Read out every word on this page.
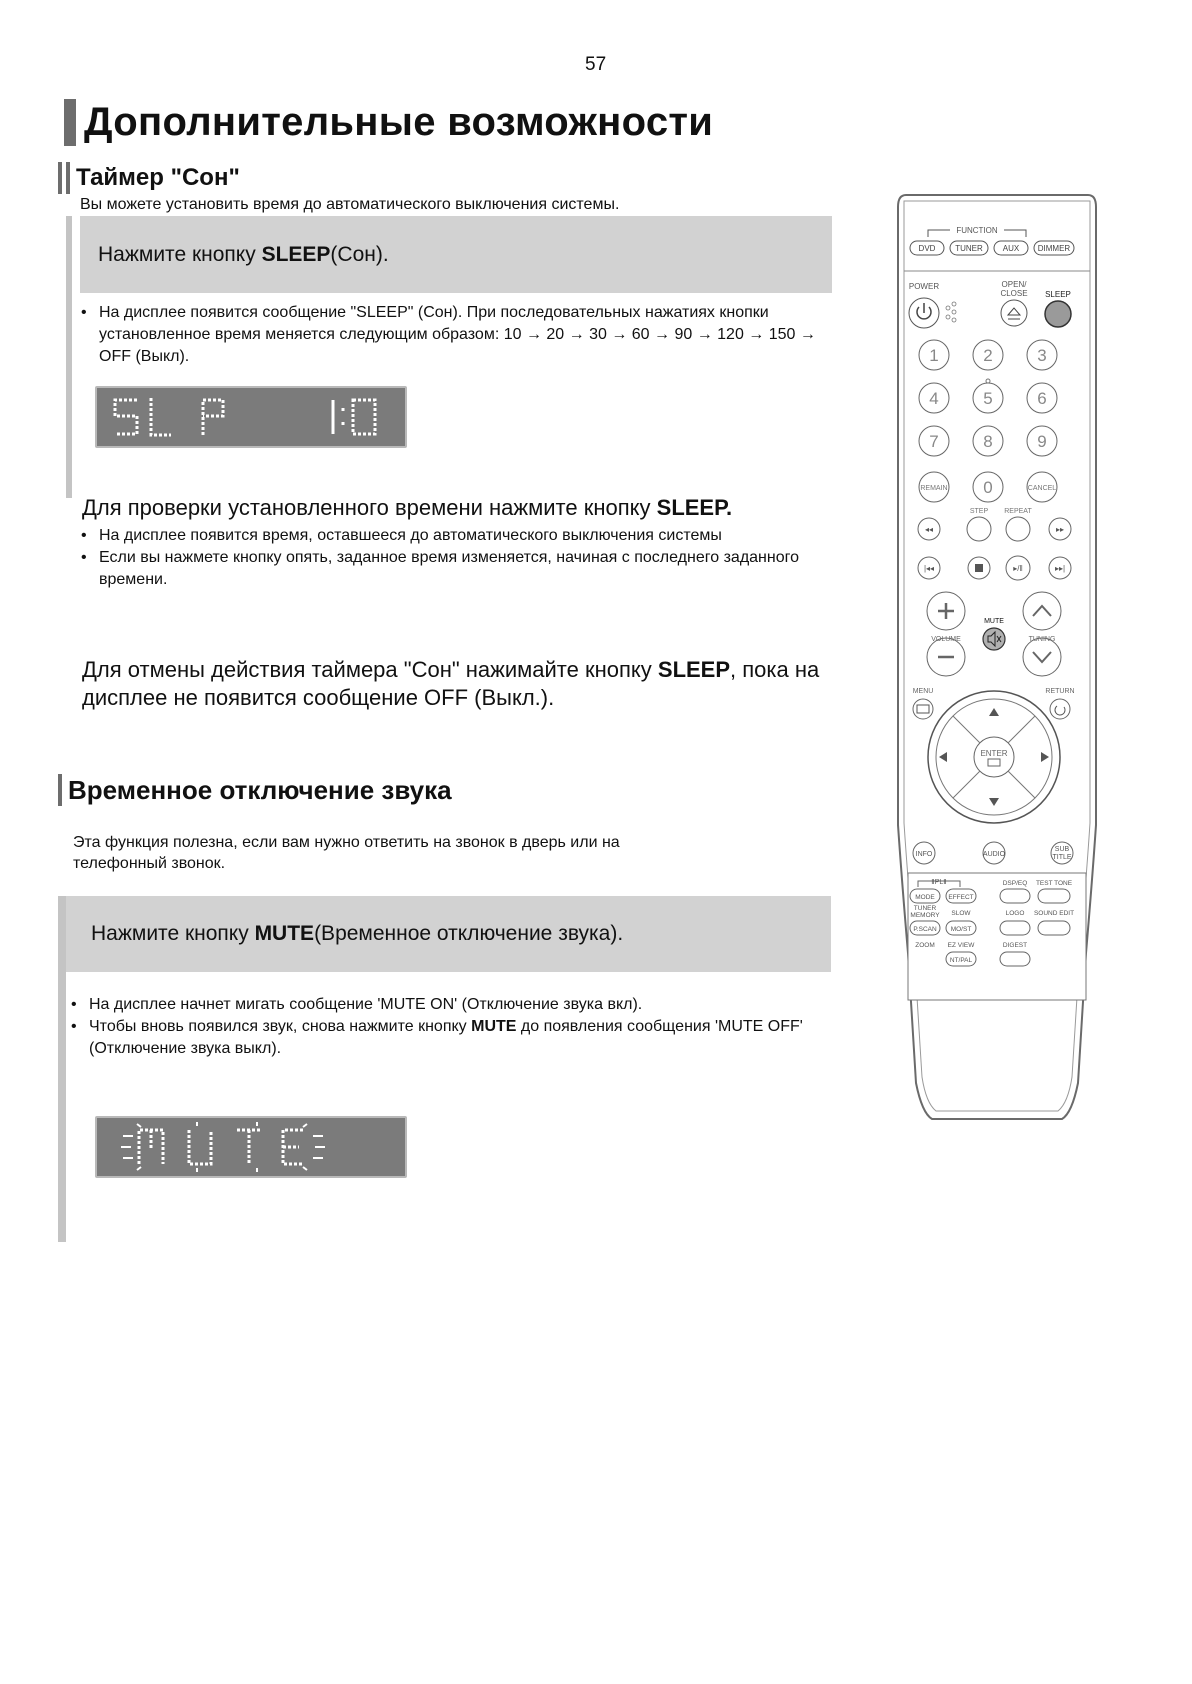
57
Дополнительные возможности
Таймер "Сон"
Вы можете установить время до автоматического выключения системы.
Нажмите кнопку
SLEEP (Сон).
• На дисплее появится сообщение "SLEEP" (Сон). При последовательных нажатиях кнопки установленное время меняется следующим образом: 10 → 20 → 30 → 60 → 90 → 120 → 150 → OFF (Выкл).
Для проверки установленного времени нажмите кнопку SLEEP.
• На дисплее появится время, оставшееся до автоматического выключения системы
• Если вы нажмете кнопку опять, заданное время изменяется, начиная с последнего заданного времени.
Для отмены действия таймера "Сон" нажимайте кнопку SLEEP, пока на дисплее не появится сообщение OFF (Выкл.).
Временное отключение звука
Эта функция полезна, если вам нужно ответить на звонок в дверь или на телефонный звонок.
Нажмите кнопку
MUTE (Временное отключение звука).
• На дисплее начнет мигать сообщение 'MUTE ON' (Отключение звука вкл).
• Чтобы вновь появился звук, снова нажмите кнопку MUTE до появления сообщения 'MUTE OFF' (Отключение звука выкл).
FUNCTION
DVD TUNER AUX DIMMER
POWER	OPEN/
CLOSE SLEEP
1	2	3
4	5	6
7	8	9
0
REMAIN	CANCEL
STEP REPEAT
◂◂	▸▸
|◂◂	▸/‖	▸▸|
MUTE
VOLUME	TUNING
MENU	RETURN
ENTER
INFO	AUDIO
SUB
TITLE
ⅡPLⅡ
MODE EFFECT
DSP/EQ TEST TONE
TUNER
MEMORY SLOW	LOGO SOUND EDIT
P.SCAN MO/ST
ZOOM EZ VIEW	DIGEST
NT/PAL
